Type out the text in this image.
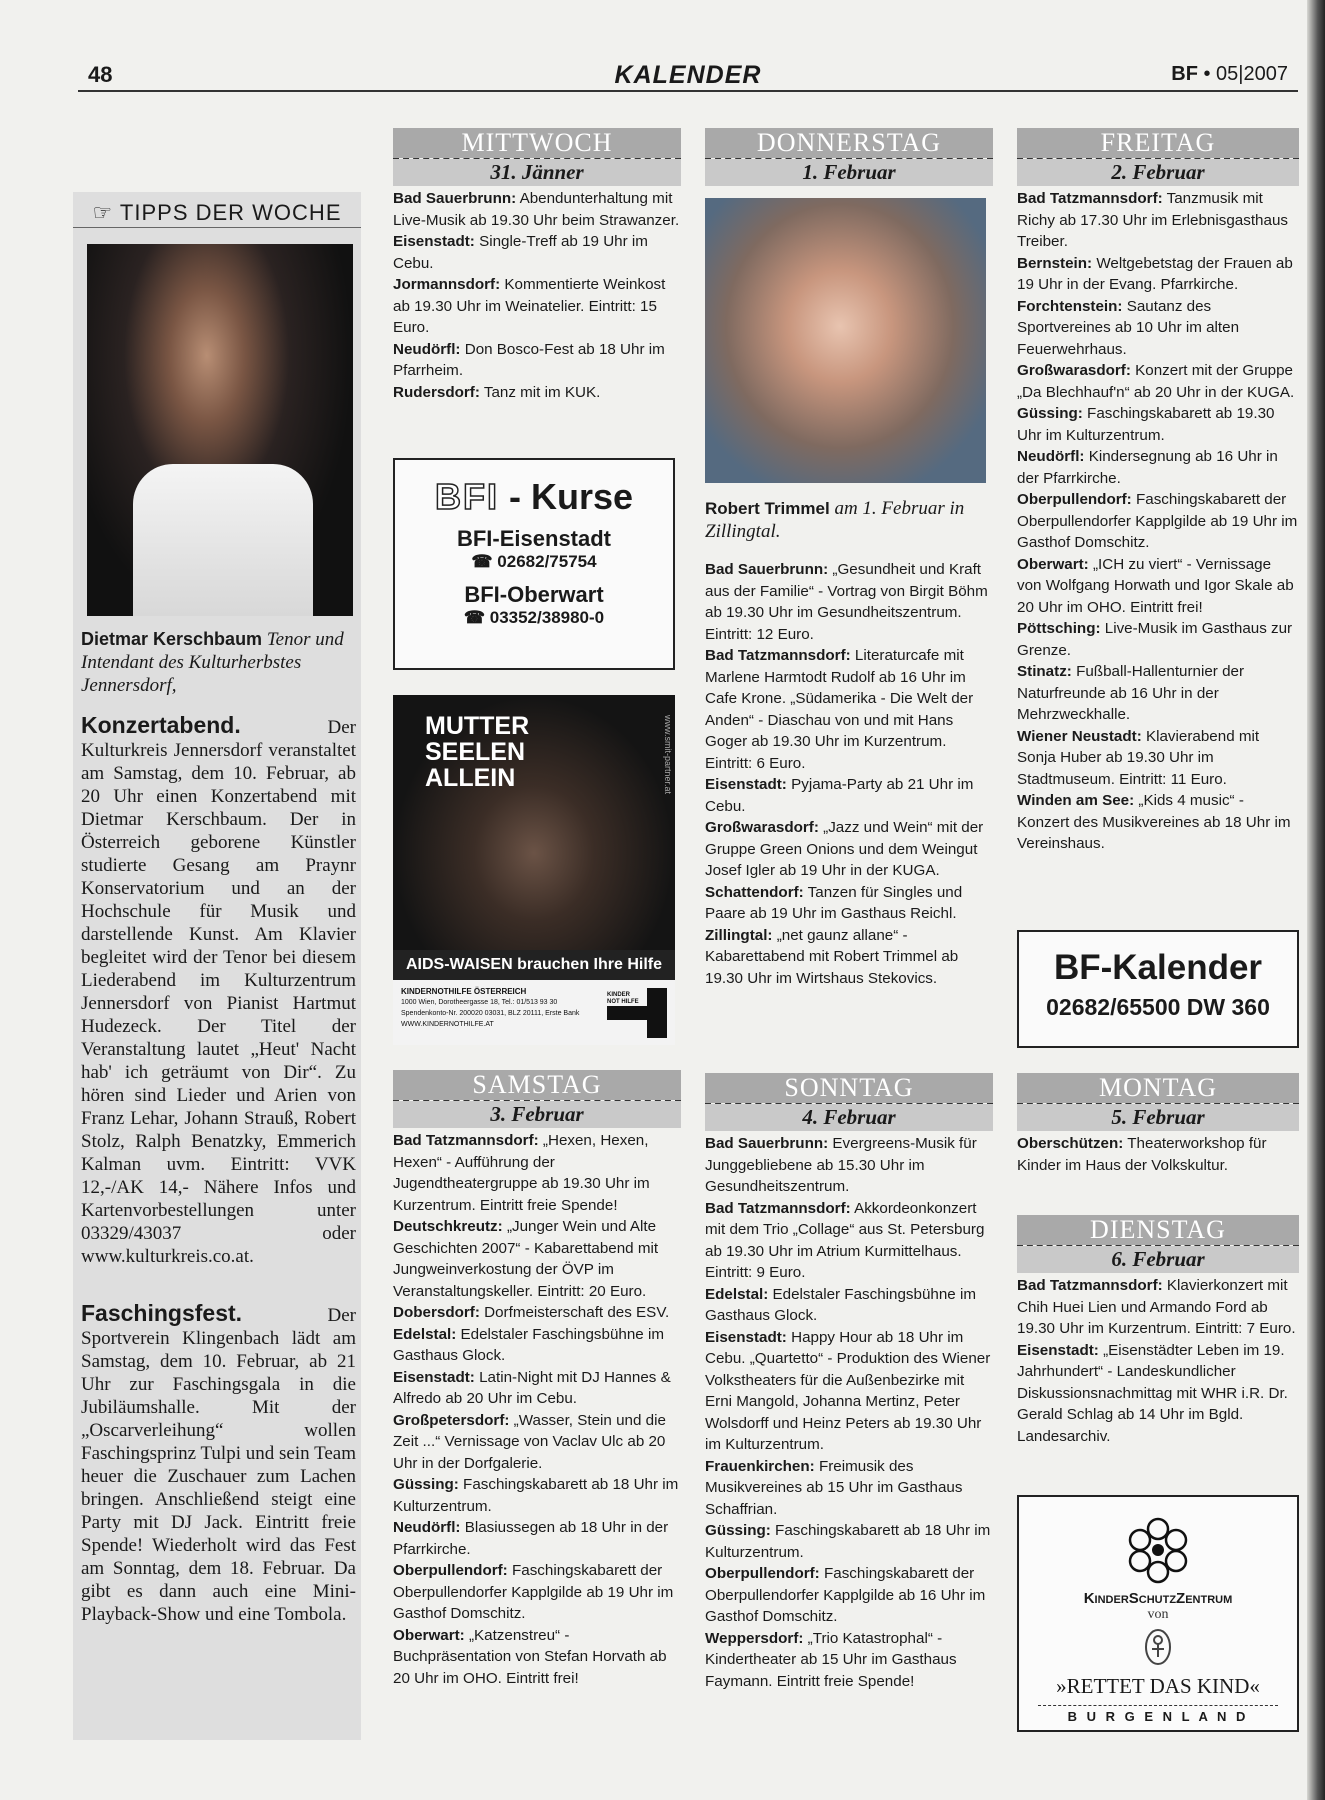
48	KALENDER	BF • 05|2007
☞ TIPPS DER WOCHE
Dietmar Kerschbaum Tenor und Intendant des Kulturherbstes Jennersdorf,
Konzertabend. Der Kulturkreis Jennersdorf veranstaltet am Samstag, dem 10. Februar, ab 20 Uhr einen Konzertabend mit Dietmar Kerschbaum. Der in Österreich geborene Künstler studierte Gesang am Praynr Konservatorium und an der Hochschule für Musik und darstellende Kunst. Am Klavier begleitet wird der Tenor bei diesem Liederabend im Kulturzentrum Jennersdorf von Pianist Hartmut Hudezeck. Der Titel der Veranstaltung lautet „Heut' Nacht hab' ich geträumt von Dir“. Zu hören sind Lieder und Arien von Franz Lehar, Johann Strauß, Robert Stolz, Ralph Benatzky, Emmerich Kalman uvm. Eintritt: VVK 12,-/AK 14,- Nähere Infos und Kartenvorbestellungen unter 03329/43037 oder www.kulturkreis.co.at.
Faschingsfest. Der Sportverein Klingenbach lädt am Samstag, dem 10. Februar, ab 21 Uhr zur Faschingsgala in die Jubiläumshalle. Mit der „Oscarverleihung“ wollen Faschingsprinz Tulpi und sein Team heuer die Zuschauer zum Lachen bringen. Anschließend steigt eine Party mit DJ Jack. Eintritt freie Spende! Wiederholt wird das Fest am Sonntag, dem 18. Februar. Da gibt es dann auch eine Mini-Playback-Show und eine Tombola.
MITTWOCH
31. Jänner

Bad Sauerbrunn: Abendunterhaltung mit Live-Musik ab 19.30 Uhr beim Strawanzer.

Eisenstadt: Single-Treff ab 19 Uhr im Cebu.

Jormannsdorf: Kommentierte Weinkost ab 19.30 Uhr im Weinatelier. Eintritt: 15 Euro.

Neudörfl: Don Bosco-Fest ab 18 Uhr im Pfarrheim.

Rudersdorf: Tanz mit im KUK.

BFI - Kurse
BFI-Eisenstadt
☎ 02682/75754
BFI-Oberwart
☎ 03352/38980-0
MUTTER
SEELEN
ALLEIN	www.smit-partner.at
AIDS-WAISEN brauchen Ihre Hilfe
KINDERNOTHILFE ÖSTERREICH
1000 Wien, Dorotheergasse 18, Tel.: 01/513 93 30
Spendenkonto-Nr. 200020 03031, BLZ 20111, Erste Bank
WWW.KINDERNOTHILFE.AT
KINDER NOT HILFE
SAMSTAG
3. Februar

Bad Tatzmannsdorf: „Hexen, Hexen, Hexen“ - Aufführung der Jugendtheatergruppe ab 19.30 Uhr im Kurzentrum. Eintritt freie Spende!

Deutschkreutz: „Junger Wein und Alte Geschichten 2007“ - Kabarettabend mit Jungweinverkostung der ÖVP im Veranstaltungskeller. Eintritt: 20 Euro.

Dobersdorf: Dorfmeisterschaft des ESV.

Edelstal: Edelstaler Faschingsbühne im Gasthaus Glock.

Eisenstadt: Latin-Night mit DJ Hannes & Alfredo ab 20 Uhr im Cebu.

Großpetersdorf: „Wasser, Stein und die Zeit ...“ Vernissage von Vaclav Ulc ab 20 Uhr in der Dorfgalerie.

Güssing: Faschingskabarett ab 18 Uhr im Kulturzentrum.

Neudörfl: Blasiussegen ab 18 Uhr in der Pfarrkirche.

Oberpullendorf: Faschingskabarett der Oberpullendorfer Kapplgilde ab 19 Uhr im Gasthof Domschitz.

Oberwart: „Katzenstreu“ - Buchpräsentation von Stefan Horvath ab 20 Uhr im OHO. Eintritt frei!

DONNERSTAG
1. Februar
Robert Trimmel am 1. Februar in Zillingtal.

Bad Sauerbrunn: „Gesundheit und Kraft aus der Familie“ - Vortrag von Birgit Böhm ab 19.30 Uhr im Gesundheitszentrum. Eintritt: 12 Euro.

Bad Tatzmannsdorf: Literaturcafe mit Marlene Harmtodt Rudolf ab 16 Uhr im Cafe Krone. „Südamerika - Die Welt der Anden“ - Diaschau von und mit Hans Goger ab 19.30 Uhr im Kurzentrum. Eintritt: 6 Euro.

Eisenstadt: Pyjama-Party ab 21 Uhr im Cebu.

Großwarasdorf: „Jazz und Wein“ mit der Gruppe Green Onions und dem Weingut Josef Igler ab 19 Uhr in der KUGA.

Schattendorf: Tanzen für Singles und Paare ab 19 Uhr im Gasthaus Reichl.

Zillingtal: „net gaunz allane“ - Kabarettabend mit Robert Trimmel ab 19.30 Uhr im Wirtshaus Stekovics.

SONNTAG
4. Februar

Bad Sauerbrunn: Evergreens-Musik für Junggebliebene ab 15.30 Uhr im Gesundheitszentrum.

Bad Tatzmannsdorf: Akkordeonkonzert mit dem Trio „Collage“ aus St. Petersburg ab 19.30 Uhr im Atrium Kurmittelhaus. Eintritt: 9 Euro.

Edelstal: Edelstaler Faschingsbühne im Gasthaus Glock.

Eisenstadt: Happy Hour ab 18 Uhr im Cebu. „Quartetto“ - Produktion des Wiener Volkstheaters für die Außenbezirke mit Erni Mangold, Johanna Mertinz, Peter Wolsdorff und Heinz Peters ab 19.30 Uhr im Kulturzentrum.

Frauenkirchen: Freimusik des Musikvereines ab 15 Uhr im Gasthaus Schaffrian.

Güssing: Faschingskabarett ab 18 Uhr im Kulturzentrum.

Oberpullendorf: Faschingskabarett der Oberpullendorfer Kapplgilde ab 16 Uhr im Gasthof Domschitz.

Weppersdorf: „Trio Katastrophal“ - Kindertheater ab 15 Uhr im Gasthaus Faymann. Eintritt freie Spende!

FREITAG
2. Februar

Bad Tatzmannsdorf: Tanzmusik mit Richy ab 17.30 Uhr im Erlebnisgasthaus Treiber.

Bernstein: Weltgebetstag der Frauen ab 19 Uhr in der Evang. Pfarrkirche.

Forchtenstein: Sautanz des Sportvereines ab 10 Uhr im alten Feuerwehrhaus.

Großwarasdorf: Konzert mit der Gruppe „Da Blechhauf'n“ ab 20 Uhr in der KUGA.

Güssing: Faschingskabarett ab 19.30 Uhr im Kulturzentrum.

Neudörfl: Kindersegnung ab 16 Uhr in der Pfarrkirche.

Oberpullendorf: Faschingskabarett der Oberpullendorfer Kapplgilde ab 19 Uhr im Gasthof Domschitz.

Oberwart: „ICH zu viert“ - Vernissage von Wolfgang Horwath und Igor Skale ab 20 Uhr im OHO. Eintritt frei!

Pöttsching: Live-Musik im Gasthaus zur Grenze.

Stinatz: Fußball-Hallenturnier der Naturfreunde ab 16 Uhr in der Mehrzweckhalle.

Wiener Neustadt: Klavierabend mit Sonja Huber ab 19.30 Uhr im Stadtmuseum. Eintritt: 11 Euro.

Winden am See: „Kids 4 music“ - Konzert des Musikvereines ab 18 Uhr im Vereinshaus.

BF-Kalender
02682/65500 DW 360
MONTAG
5. Februar

Oberschützen: Theaterworkshop für Kinder im Haus der Volkskultur.

DIENSTAG
6. Februar

Bad Tatzmannsdorf: Klavierkonzert mit Chih Huei Lien und Armando Ford ab 19.30 Uhr im Kurzentrum. Eintritt: 7 Euro.

Eisenstadt: „Eisenstädter Leben im 19. Jahrhundert“ - Landeskundlicher Diskussionsnachmittag mit WHR i.R. Dr. Gerald Schlag ab 14 Uhr im Bgld. Landesarchiv.

KinderSchutzZentrum
von
»RETTET DAS KIND«
B U R G E N L A N D
